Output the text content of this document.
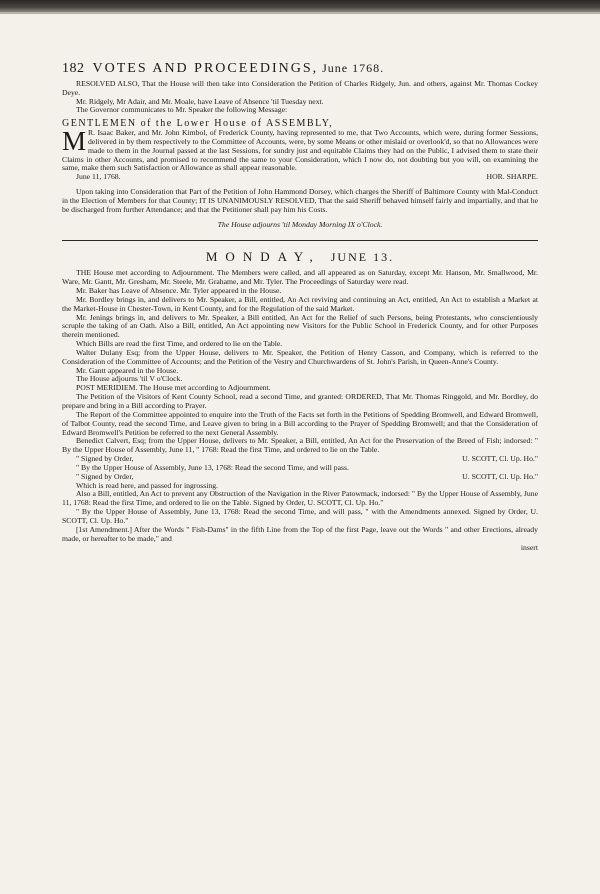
182 VOTES AND PROCEEDINGS, June 1768.

RESOLVED ALSO, That the House will then take into Consideration the Petition of Charles Ridgely, Jun. and others, against Mr. Thomas Cockey Deye.

Mr. Ridgely, Mr Adair, and Mr. Moale, have Leave of Absence 'til Tuesday next.

The Governor communicates to Mr. Speaker the following Message:

GENTLEMEN of the Lower House of ASSEMBLY,

M R. Isaac Baker, and Mr. John Kimbol, of Frederick County, having represented to me, that Two Accounts, which were, during former Sessions, delivered in by them respectively to the Committee of Accounts, were, by some Means or other mislaid or overlook'd, so that no Allowances were made to them in the Journal passed at the last Sessions, for sundry just and equitable Claims they had on the Public, I advised them to state their Claims in other Accounts, and promised to recommend the same to your Consideration, which I now do, not doubting but you will, on examining the same, make them such Satisfaction or Allowance as shall appear reasonable.

June 11, 1768.	HOR. SHARPE.

Upon taking into Consideration that Part of the Petition of John Hammond Dorsey, which charges the Sheriff of Baltimore County with Mal-Conduct in the Election of Members for that County; IT IS UNANIMOUSLY RESOLVED, That the said Sheriff behaved himself fairly and impartially, and that he be discharged from further Attendance; and that the Petitioner shall pay him his Costs.

The House adjourns 'til Monday Morning IX o'Clock.

MONDAY, JUNE 13.

THE House met according to Adjournment. The Members were called, and all appeared as on Saturday, except Mr. Hanson, Mr. Smallwood, Mr. Ware, Mr. Gantt, Mr. Gresham, Mr. Steele, Mr. Grahame, and Mr. Tyler. The Proceedings of Saturday were read.

Mr. Baker has Leave of Absence. Mr. Tyler appeared in the House.

Mr. Bordley brings in, and delivers to Mr. Speaker, a Bill, entitled, An Act reviving and continuing an Act, entitled, An Act to establish a Market at the Market-House in Chester-Town, in Kent County, and for the Regulation of the said Market.

Mr. Jenings brings in, and delivers to Mr. Speaker, a Bill entitled, An Act for the Relief of such Persons, being Protestants, who conscientiously scruple the taking of an Oath. Also a Bill, entitled, An Act appointing new Visitors for the Public School in Frederick County, and for other Purposes therein mentioned.

Which Bills are read the first Time, and ordered to lie on the Table.

Walter Dulany Esq; from the Upper House, delivers to Mr. Speaker, the Petition of Henry Casson, and Company, which is referred to the Consideration of the Committee of Accounts; and the Petition of the Vestry and Churchwardens of St. John's Parish, in Queen-Anne's County.

Mr. Gantt appeared in the House.

The House adjourns 'til V o'Clock.

POST MERIDIEM. The House met according to Adjournment.

The Petition of the Visitors of Kent County School, read a second Time, and granted: ORDERED, That Mr. Thomas Ringgold, and Mr. Bordley, do prepare and bring in a Bill according to Prayer.

The Report of the Committee appointed to enquire into the Truth of the Facts set forth in the Petitions of Spedding Bromwell, and Edward Bromwell, of Talbot County, read the second Time, and Leave given to bring in a Bill according to the Prayer of Spedding Bromwell; and that the Consideration of Edward Bromwell's Petition be referred to the next General Assembly.

Benedict Calvert, Esq; from the Upper House, delivers to Mr. Speaker, a Bill, entitled, An Act for the Preservation of the Breed of Fish; indorsed: " By the Upper House of Assembly, June 11, " 1768: Read the first Time, and ordered to lie on the Table.

" Signed by Order,	U. SCOTT, Cl. Up. Ho."

" By the Upper House of Assembly, June 13, 1768: Read the second Time, and will pass.

" Signed by Order,	U. SCOTT, Cl. Up. Ho."

Which is read here, and passed for ingrossing.

Also a Bill, entitled, An Act to prevent any Obstruction of the Navigation in the River Patowmack, indorsed: " By the Upper House of Assembly, June 11, 1768: Read the first Time, and ordered to lie on the Table. Signed by Order, U. SCOTT, Cl. Up. Ho."

" By the Upper House of Assembly, June 13, 1768: Read the second Time, and will pass, " with the Amendments annexed. Signed by Order, U. SCOTT, Cl. Up. Ho."

[1st Amendment.] After the Words " Fish-Dams" in the fifth Line from the Top of the first Page, leave out the Words " and other Erections, already made, or hereafter to be made," and

insert
